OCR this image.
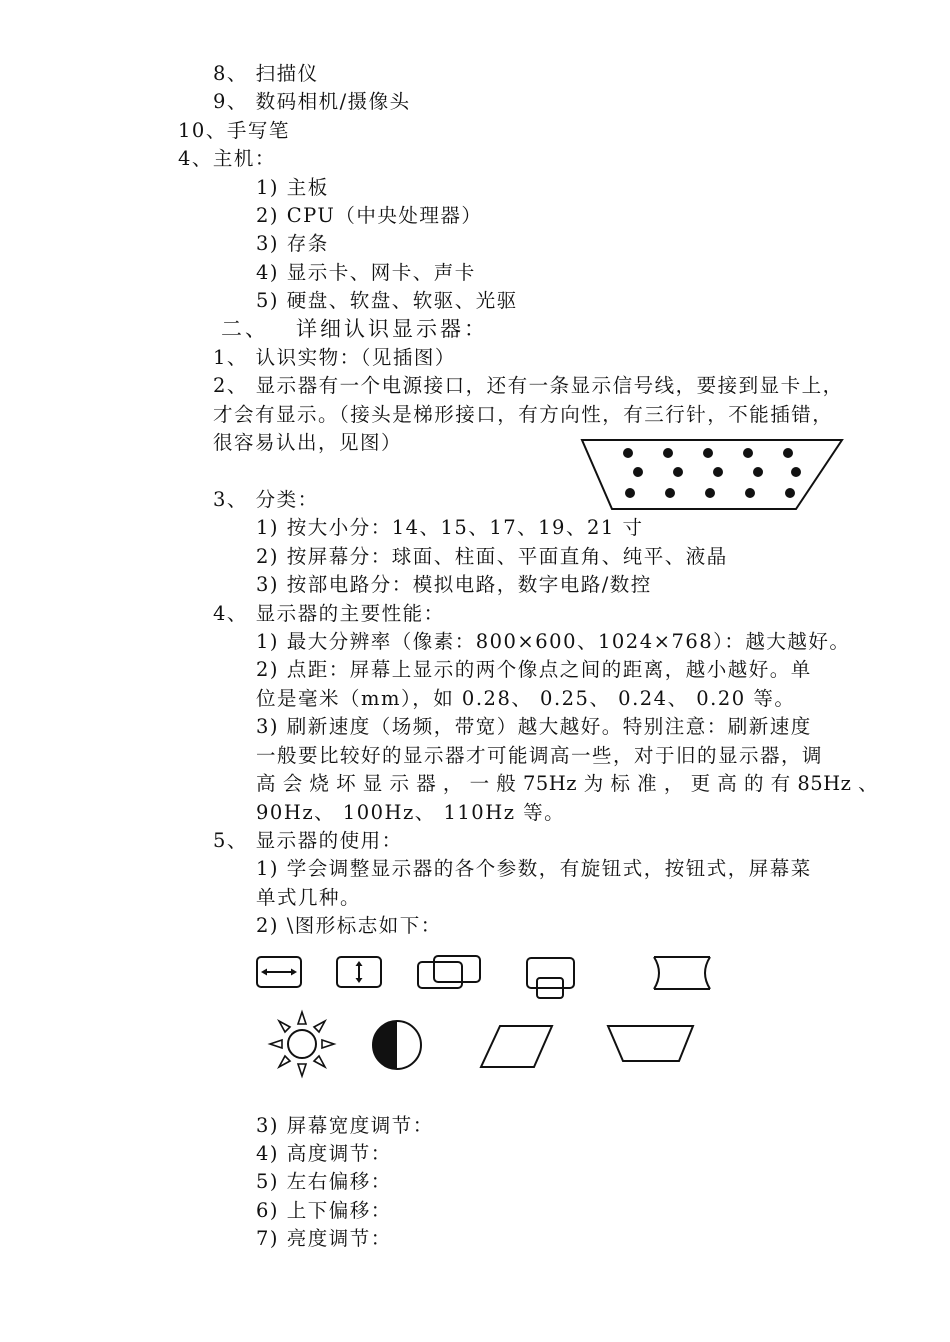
8、 扫描仪
9、 数码相机/摄像头
10、手写笔
4、主机：
1) 主板
2) CPU（中央处理器）
3) 存条
4) 显示卡、网卡、声卡
5) 硬盘、软盘、软驱、光驱
二、 详细认识显示器：
1、 认识实物：（见插图）
2、 显示器有一个电源接口，还有一条显示信号线，要接到显卡上，
才会有显示。（接头是梯形接口，有方向性，有三行针，不能插错，
很容易认出，见图）
3、 分类：
1) 按大小分：14、15、17、19、21 寸
2) 按屏幕分：球面、柱面、平面直角、纯平、液晶
3) 按部电路分：模拟电路，数字电路/数控
4、 显示器的主要性能：
1) 最大分辨率（像素：800×600、1024×768）：越大越好。
2) 点距：屏幕上显示的两个像点之间的距离，越小越好。单
位是毫米（mm），如 0.28、 0.25、 0.24、 0.20 等。
3) 刷新速度（场频，带宽）越大越好。特别注意：刷新速度
一般要比较好的显示器才可能调高一些，对于旧的显示器，调
高 会 烧 坏 显 示 器 ， 一 般 75Hz 为 标 准 ， 更 高 的 有 85Hz 、
90Hz、 100Hz、 110Hz 等。
5、 显示器的使用：
1) 学会调整显示器的各个参数，有旋钮式，按钮式，屏幕菜
单式几种。
2) \图形标志如下：
3) 屏幕宽度调节：
4) 高度调节：
5) 左右偏移：
6) 上下偏移：
7) 亮度调节：
